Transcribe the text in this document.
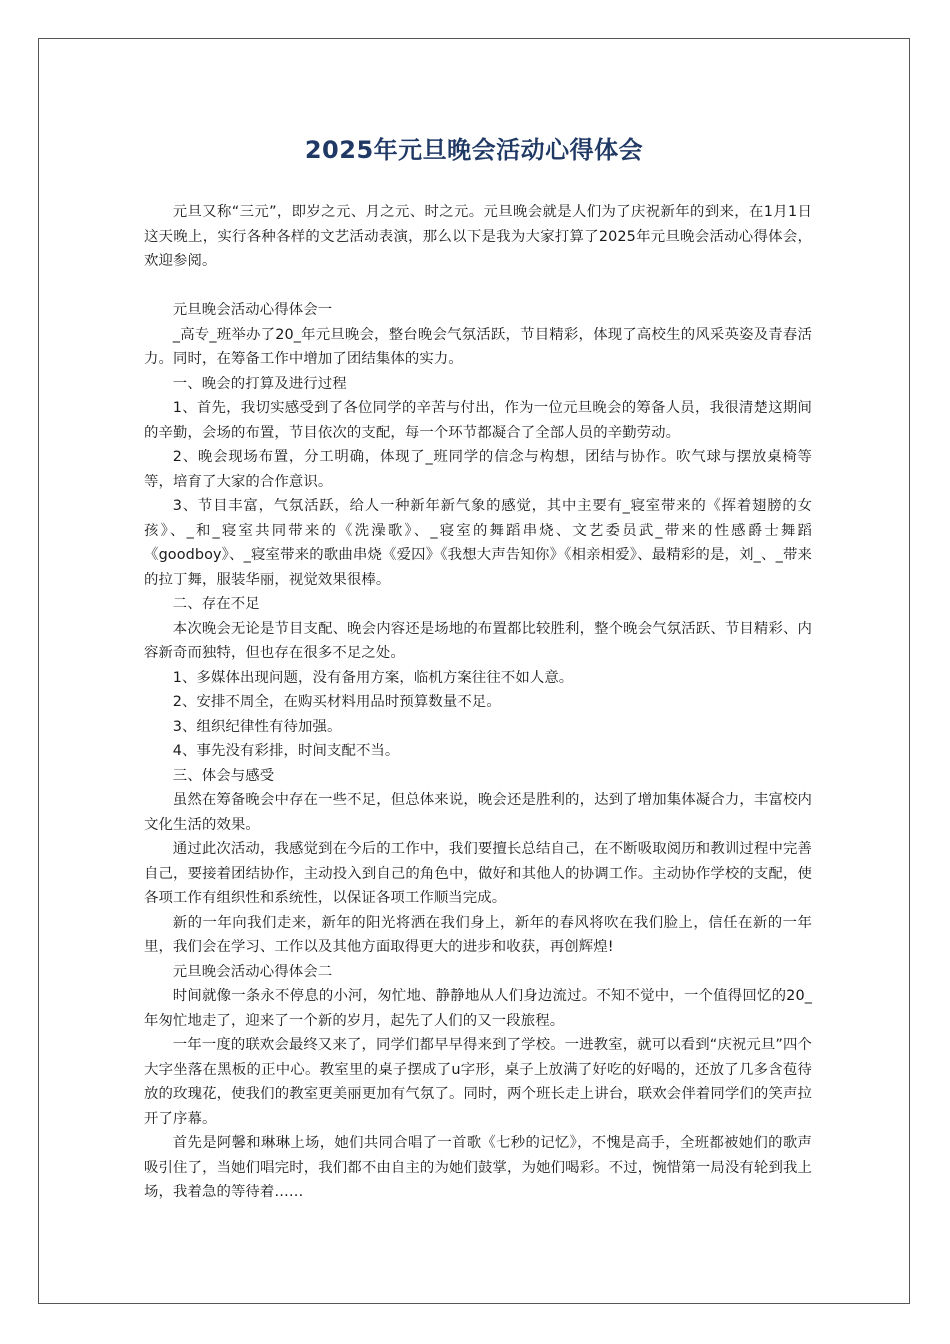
2025年元旦晚会活动心得体会

元旦又称“三元”，即岁之元、月之元、时之元。元旦晚会就是人们为了庆祝新年的到来，在1月1日这天晚上，实行各种各样的文艺活动表演，那么以下是我为大家打算了2025年元旦晚会活动心得体会，欢迎参阅。

元旦晚会活动心得体会一

_高专_班举办了20_年元旦晚会，整台晚会气氛活跃，节目精彩，体现了高校生的风采英姿及青春活力。同时，在筹备工作中增加了团结集体的实力。

一、晚会的打算及进行过程

1、首先，我切实感受到了各位同学的辛苦与付出，作为一位元旦晚会的筹备人员，我很清楚这期间的辛勤，会场的布置，节目依次的支配，每一个环节都凝合了全部人员的辛勤劳动。

2、晚会现场布置，分工明确，体现了_班同学的信念与构想，团结与协作。吹气球与摆放桌椅等等，培育了大家的合作意识。

3、节目丰富，气氛活跃，给人一种新年新气象的感觉，其中主要有_寝室带来的《挥着翅膀的女孩》、_和_寝室共同带来的《洗澡歌》、_寝室的舞蹈串烧、文艺委员武_带来的性感爵士舞蹈《goodboy》、_寝室带来的歌曲串烧《爱囚》《我想大声告知你》《相亲相爱》、最精彩的是，刘_、_带来的拉丁舞，服装华丽，视觉效果很棒。

二、存在不足

本次晚会无论是节目支配、晚会内容还是场地的布置都比较胜利，整个晚会气氛活跃、节目精彩、内容新奇而独特，但也存在很多不足之处。

1、多媒体出现问题，没有备用方案，临机方案往往不如人意。

2、安排不周全，在购买材料用品时预算数量不足。

3、组织纪律性有待加强。

4、事先没有彩排，时间支配不当。

三、体会与感受

虽然在筹备晚会中存在一些不足，但总体来说，晚会还是胜利的，达到了增加集体凝合力，丰富校内文化生活的效果。

通过此次活动，我感觉到在今后的工作中，我们要擅长总结自己，在不断吸取阅历和教训过程中完善自己，要接着团结协作，主动投入到自己的角色中，做好和其他人的协调工作。主动协作学校的支配，使各项工作有组织性和系统性，以保证各项工作顺当完成。

新的一年向我们走来，新年的阳光将洒在我们身上，新年的春风将吹在我们脸上，信任在新的一年里，我们会在学习、工作以及其他方面取得更大的进步和收获，再创辉煌!

元旦晚会活动心得体会二

时间就像一条永不停息的小河，匆忙地、静静地从人们身边流过。不知不觉中，一个值得回忆的20_年匆忙地走了，迎来了一个新的岁月，起先了人们的又一段旅程。

一年一度的联欢会最终又来了，同学们都早早得来到了学校。一进教室，就可以看到“庆祝元旦”四个大字坐落在黑板的正中心。教室里的桌子摆成了u字形，桌子上放满了好吃的好喝的，还放了几多含苞待放的玫瑰花，使我们的教室更美丽更加有气氛了。同时，两个班长走上讲台，联欢会伴着同学们的笑声拉开了序幕。

首先是阿馨和琳琳上场，她们共同合唱了一首歌《七秒的记忆》，不愧是高手，全班都被她们的歌声吸引住了，当她们唱完时，我们都不由自主的为她们鼓掌，为她们喝彩。不过，惋惜第一局没有轮到我上场，我着急的等待着……
